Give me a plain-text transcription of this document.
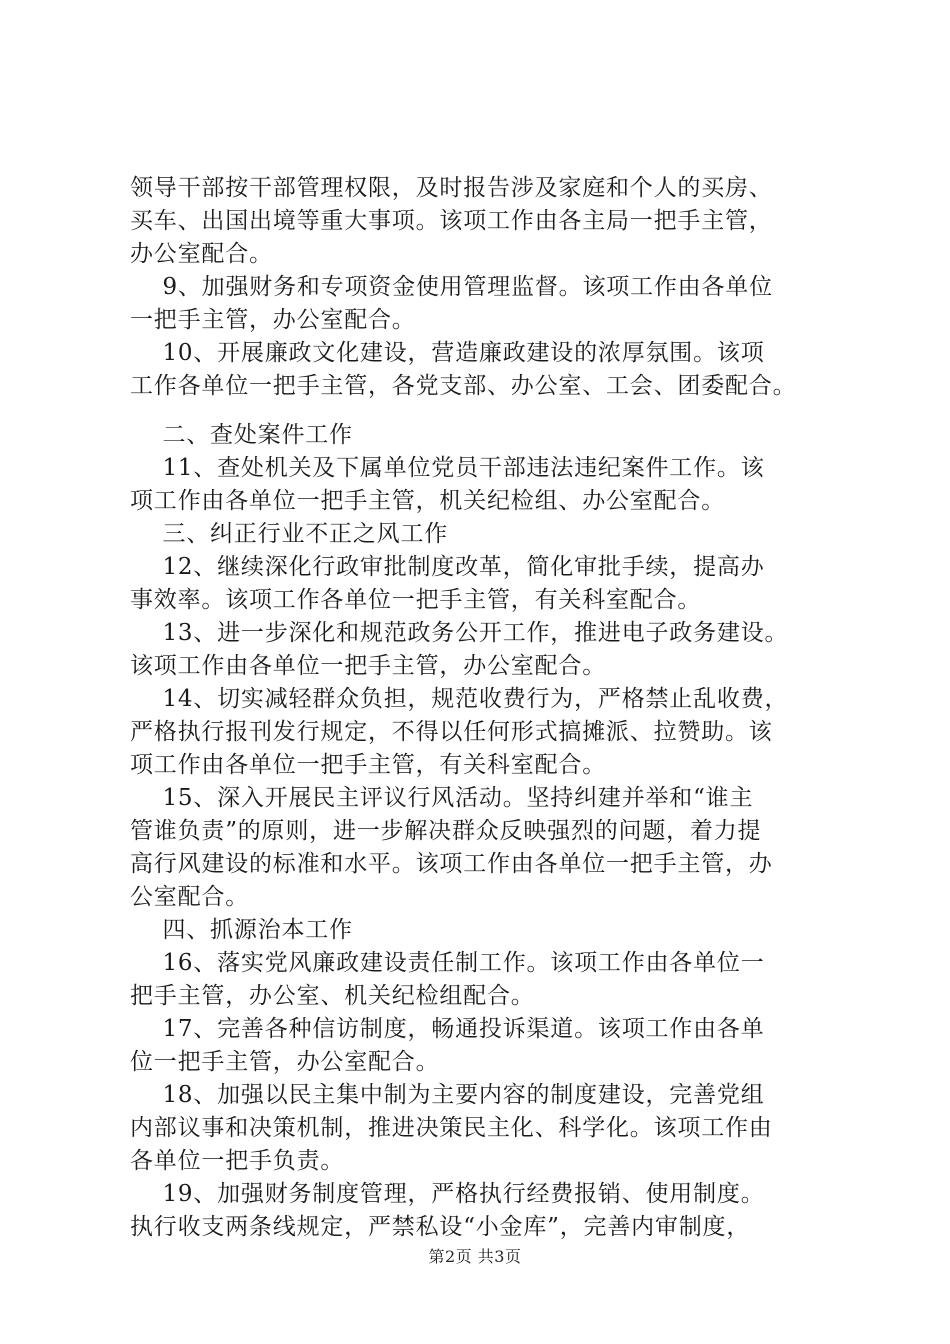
领导干部按干部管理权限，及时报告涉及家庭和个人的买房、
买车、出国出境等重大事项。该项工作由各主局一把手主管，
办公室配合。

9、加强财务和专项资金使用管理监督。该项工作由各单位
一把手主管，办公室配合。

10、开展廉政文化建设，营造廉政建设的浓厚氛围。该项
工作各单位一把手主管，各党支部、办公室、工会、团委配合。

二、查处案件工作

11、查处机关及下属单位党员干部违法违纪案件工作。该
项工作由各单位一把手主管，机关纪检组、办公室配合。

三、纠正行业不正之风工作

12、继续深化行政审批制度改革，简化审批手续，提高办
事效率。该项工作各单位一把手主管，有关科室配合。

13、进一步深化和规范政务公开工作，推进电子政务建设。
该项工作由各单位一把手主管，办公室配合。

14、切实减轻群众负担，规范收费行为，严格禁止乱收费，
严格执行报刊发行规定，不得以任何形式搞摊派、拉赞助。该
项工作由各单位一把手主管，有关科室配合。

15、深入开展民主评议行风活动。坚持纠建并举和“谁主
管谁负责”的原则，进一步解决群众反映强烈的问题，着力提
高行风建设的标准和水平。该项工作由各单位一把手主管，办
公室配合。

四、抓源治本工作

16、落实党风廉政建设责任制工作。该项工作由各单位一
把手主管，办公室、机关纪检组配合。

17、完善各种信访制度，畅通投诉渠道。该项工作由各单
位一把手主管，办公室配合。

18、加强以民主集中制为主要内容的制度建设，完善党组
内部议事和决策机制，推进决策民主化、科学化。该项工作由
各单位一把手负责。

19、加强财务制度管理，严格执行经费报销、使用制度。
执行收支两条线规定，严禁私设“小金库”，完善内审制度，

第2页 共3页
